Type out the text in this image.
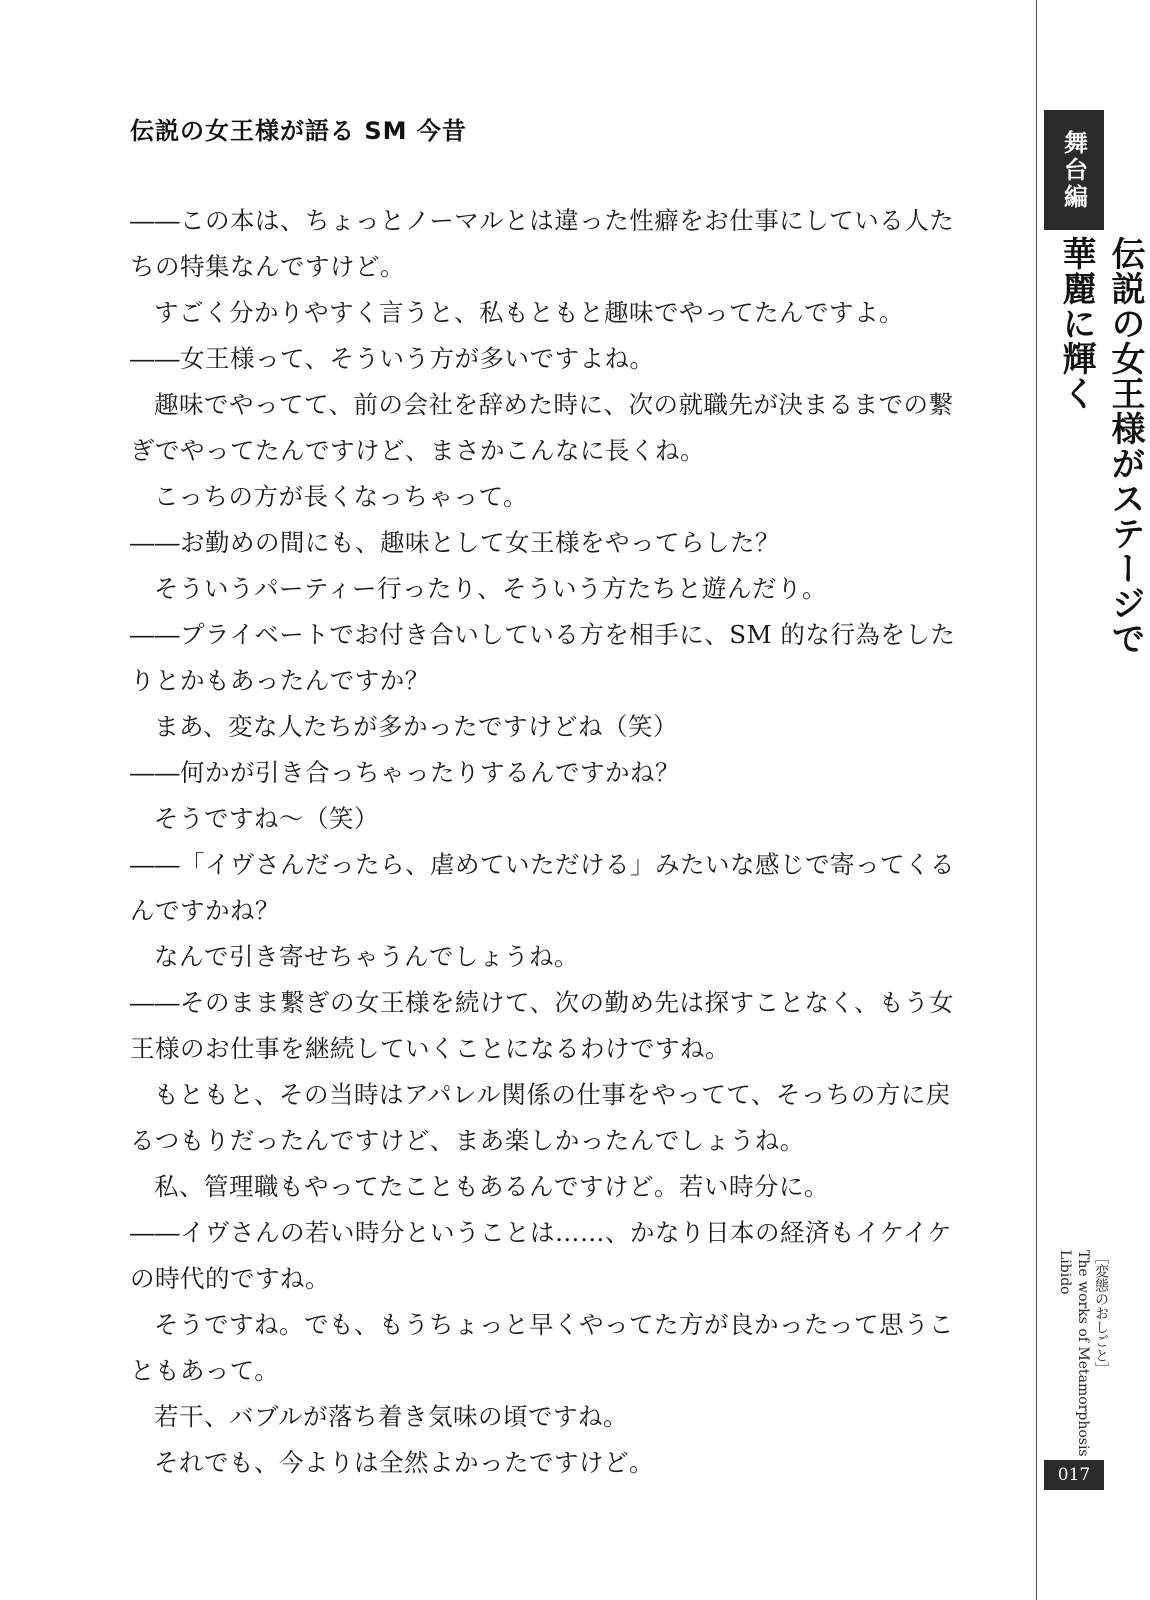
伝説の女王様が語る SM 今昔
――この本は、ちょっとノーマルとは違った性癖をお仕事にしている人た
ちの特集なんですけど。
すごく分かりやすく言うと、私もともと趣味でやってたんですよ。
――女王様って、そういう方が多いですよね。
趣味でやってて、前の会社を辞めた時に、次の就職先が決まるまでの繋
ぎでやってたんですけど、まさかこんなに長くね。
こっちの方が長くなっちゃって。
――お勤めの間にも、趣味として女王様をやってらした？
そういうパーティー行ったり、そういう方たちと遊んだり。
――プライベートでお付き合いしている方を相手に、SM 的な行為をした
りとかもあったんですか？
まあ、変な人たちが多かったですけどね（笑）
――何かが引き合っちゃったりするんですかね？
そうですね～（笑）
――「イヴさんだったら、虐めていただける」みたいな感じで寄ってくる
んですかね？
なんで引き寄せちゃうんでしょうね。
――そのまま繋ぎの女王様を続けて、次の勤め先は探すことなく、もう女
王様のお仕事を継続していくことになるわけですね。
もともと、その当時はアパレル関係の仕事をやってて、そっちの方に戻
るつもりだったんですけど、まあ楽しかったんでしょうね。
私、管理職もやってたこともあるんですけど。若い時分に。
――イヴさんの若い時分ということは……、かなり日本の経済もイケイケ
の時代的ですね。
そうですね。でも、もうちょっと早くやってた方が良かったって思うこ
ともあって。
若干、バブルが落ち着き気味の頃ですね。
それでも、今よりは全然よかったですけど。
舞台編
伝説の女王様がステージで華麗に輝く
［変態のおしごと］
The works of Metamorphosis Libido
017
